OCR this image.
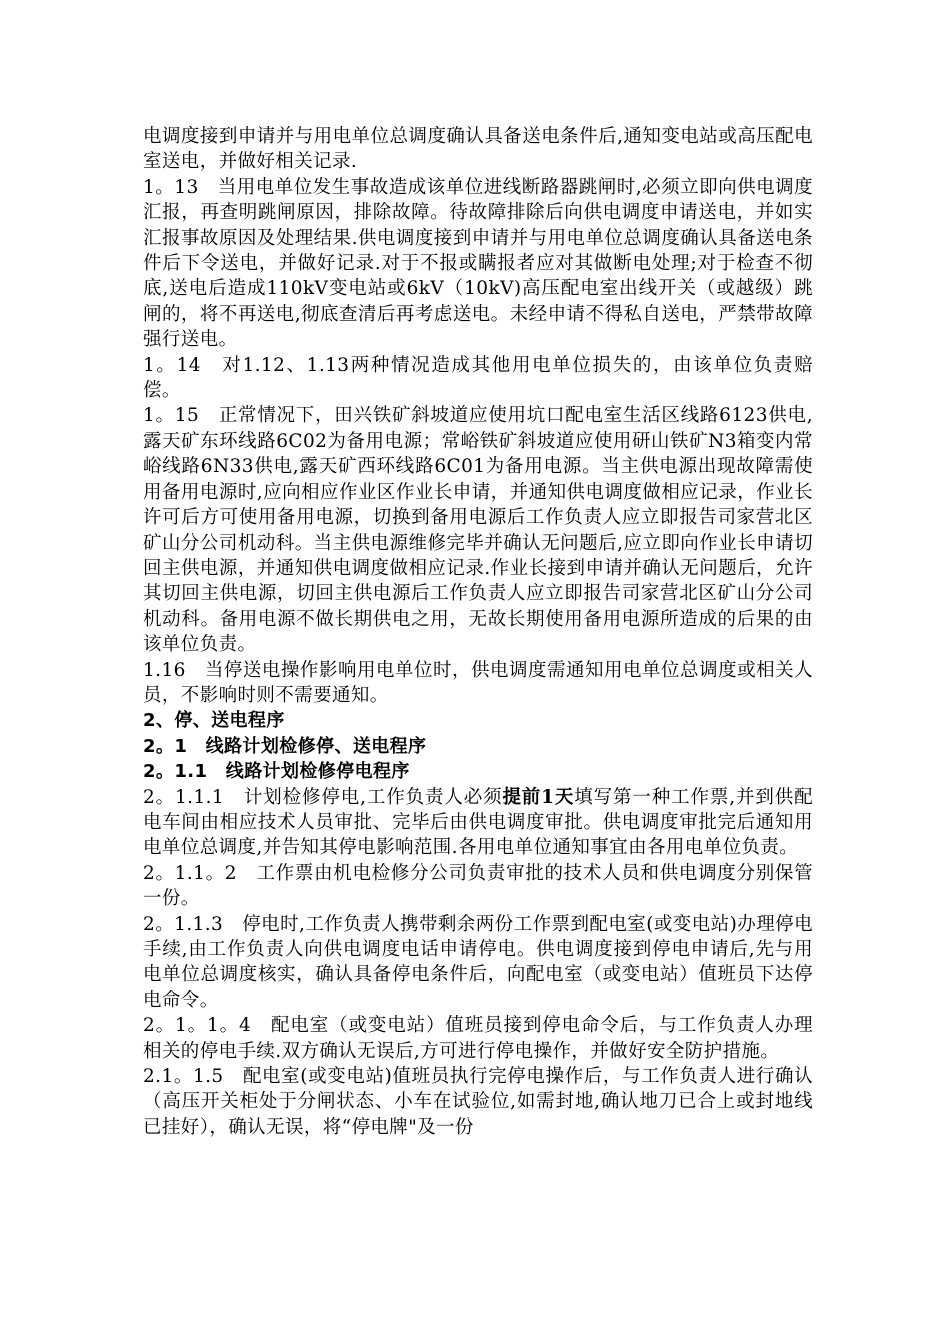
电调度接到申请并与用电单位总调度确认具备送电条件后,通知变电站或高压配电室送电，并做好相关记录.

1。13　当用电单位发生事故造成该单位进线断路器跳闸时,必须立即向供电调度汇报，再查明跳闸原因，排除故障。待故障排除后向供电调度申请送电，并如实汇报事故原因及处理结果.供电调度接到申请并与用电单位总调度确认具备送电条件后下令送电，并做好记录.对于不报或瞒报者应对其做断电处理;对于检查不彻底,送电后造成110kV变电站或6kV（10kV)高压配电室出线开关（或越级）跳闸的，将不再送电,彻底查清后再考虑送电。未经申请不得私自送电，严禁带故障强行送电。

1。14　对1.12、1.13两种情况造成其他用电单位损失的，由该单位负责赔偿。

1。15　正常情况下，田兴铁矿斜坡道应使用坑口配电室生活区线路6123供电,露天矿东环线路6C02为备用电源；常峪铁矿斜坡道应使用研山铁矿N3箱变内常峪线路6N33供电,露天矿西环线路6C01为备用电源。当主供电源出现故障需使用备用电源时,应向相应作业区作业长申请，并通知供电调度做相应记录，作业长许可后方可使用备用电源，切换到备用电源后工作负责人应立即报告司家营北区矿山分公司机动科。当主供电源维修完毕并确认无问题后,应立即向作业长申请切回主供电源，并通知供电调度做相应记录.作业长接到申请并确认无问题后，允许其切回主供电源，切回主供电源后工作负责人应立即报告司家营北区矿山分公司机动科。备用电源不做长期供电之用，无故长期使用备用电源所造成的后果的由该单位负责。

1.16　当停送电操作影响用电单位时，供电调度需通知用电单位总调度或相关人员，不影响时则不需要通知。

2、停、送电程序

2。1　线路计划检修停、送电程序

2。1.1　线路计划检修停电程序

2。1.1.1　计划检修停电,工作负责人必须提前1天填写第一种工作票,并到供配电车间由相应技术人员审批、完毕后由供电调度审批。供电调度审批完后通知用电单位总调度,并告知其停电影响范围.各用电单位通知事宜由各用电单位负责。

2。1.1。2　工作票由机电检修分公司负责审批的技术人员和供电调度分别保管一份。

2。1.1.3　停电时,工作负责人携带剩余两份工作票到配电室(或变电站)办理停电手续,由工作负责人向供电调度电话申请停电。供电调度接到停电申请后,先与用电单位总调度核实，确认具备停电条件后，向配电室（或变电站）值班员下达停电命令。

2。1。1。4　配电室（或变电站）值班员接到停电命令后，与工作负责人办理相关的停电手续.双方确认无误后,方可进行停电操作，并做好安全防护措施。

2.1。1.5　配电室(或变电站)值班员执行完停电操作后，与工作负责人进行确认（高压开关柜处于分闸状态、小车在试验位,如需封地,确认地刀已合上或封地线已挂好），确认无误，将“停电牌"及一份
